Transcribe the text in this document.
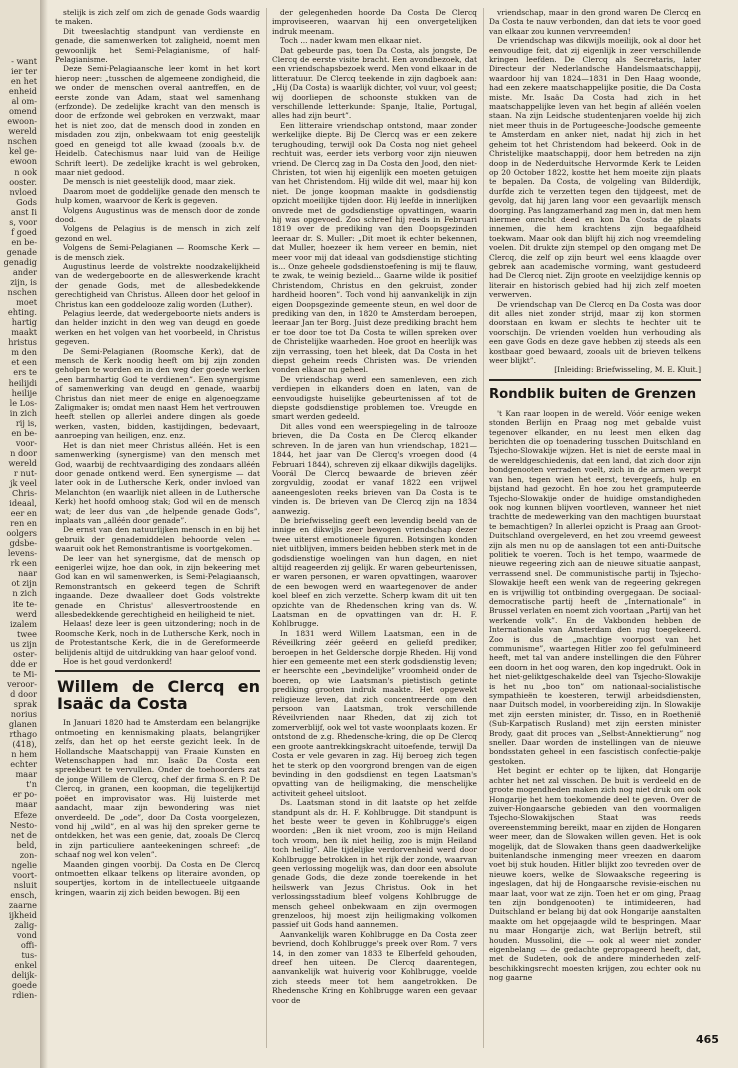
- want
ier ter
en het
enheid
al om-
omend
ewoon-
wereld
nschen
kel ge-
ewoon
n ook
ooster.
nvloed
Gods
anst Ii
s, voor
f goed
en be-
genade
genadig
ander
zijn, is
nschen
moet
ehting.
hartig
maakt
hristus
m den
et een
ers te
heilijdi
heilije
le Los-
in zich
rij is,
en be-
voor-
n door
wereld
r nut-
jk veel
Chris-
ideaal,
eer en
ren en
oolgers
gdsbe-
levens-
rk een
naar
ot zijn
n zich
ite te-
werd
izalem
twee
us zijn
oster-
dde er
te Mi-
veroor-
d door
sprak
norius
glanen
rthago
(418),
n hem
echter
maar
t'n
er po-
maar
Efeze
Nesto-
net de
beld,
zon-
ngelie
voort-
nsluit
ensch,
zaarne
ijkheid
zalig-
vond
offi-
tus-
enkel
delijk-
goede
rdien-

stelijk is zich zelf om zich de genade Gods waardig te maken.

Dit tweeslachtig standpunt van verdienste en genade, die samenwerken tot zaligheid, noemt men gewoonlijk het Semi-Pelagianisme, of half-Pelagianisme.

Deze Semi-Pelagiaansche leer komt in het kort hierop neer: „tusschen de algemeene zondigheid, die we onder de menschen overal aantreffen, en de eerste zonde van Adam, staat wel samenhang (erfzonde). De zedelijke kracht van den mensch is door de erfzonde wel gebroken en verzwakt, maar het is niet zoo, dat de mensch dood in zonden en misdaden zou zijn, onbekwaam tot enig geestelijk goed en geneigd tot alle kwaad (zooals b.v. de Heidelb. Catechismus naar luid van de Heilige Schrift leert). De zedelijke kracht is wel gebroken, maar niet gedood.

De mensch is niet geestelijk dood, maar ziek.

Daarom moet de goddelijke genade den mensch te hulp komen, waarvoor de Kerk is gegeven.

Volgens Augustinus was de mensch door de zonde dood.

Volgens de Pelagius is de mensch in zich zelf gezond en wel.

Volgens de Semi-Pelagianen — Roomsche Kerk — is de mensch ziek.

Augustinus leerde de volstrekte noodzakelijkheid van de wedergeboorte en de alleswerkende kracht der genade Gods, met de allesbedekkende gerechtigheid van Christus. Alleen door het geloof in Christus kan een goddelooze zalig worden (Luther).

Pelagius leerde, dat wedergeboorte niets anders is dan helder inzicht in den weg van deugd en goede werken en het volgen van het voorbeeld, in Christus gegeven.

De Semi-Pelagianen (Roomsche Kerk), dat de mensch de Kerk noodig heeft om bij zijn zonden geholpen te worden en in den weg der goede werken „een barmhartig God te verdienen”. Een synergisme of samenwerking van deugd en genade, waarbij Christus dan niet meer de enige en algenoegzame Zaligmaker is; omdat men naast Hem het vertrouwen heeft stellen op allerlei andere dingen als goede werken, vasten, bidden, kastijdingen, bedevaart, aanroeping van heiligen, enz. enz.

Het is dan niet meer Christus alléén. Het is een samenwerking (synergisme) van den mensch met God, waarbij de rechtvaardiging des zondaars alléén door genade ontkend werd. Een synergisme — dat later ook in de Luthersche Kerk, onder invloed van Melanchton (en waarlijk niet alleen in de Luthersche Kerk) het hoofd omhoog stak; God wil en de mensch wat; de leer dus van „de helpende genade Gods”, inplaats van „alléén door genade”.

De ernst van den natuurlijken mensch in en bij het gebruik der genademiddelen behoorde velen — waaruit ook het Remonstrantisme is voortgekomen.

De leer van het synergisme, dat de mensch op eenigerlei wijze, hoe dan ook, in zijn bekeering met God kan en wil samenwerken, is Semi-Pelagiaansch, Remonstrantsch en gekeerd tegen de Schrift ingaande. Deze dwaalleer doet Gods volstrekte genade en Christus' allesvertroostende en allesbedekkende gerechtigheid en heiligheid te niet.

Helaas! deze leer is geen uitzondering; noch in de Roomsche Kerk, noch in de Luthersche Kerk, noch in de Protestantsche Kerk, die in de Gereformeerde belijdenis altijd de uitdrukking van haar geloof vond.

Hoe is het goud verdonkerd!

Willem de Clercq en Isaäc da Costa

In Januari 1820 had te Amsterdam een belangrijke ontmoeting en kennismaking plaats, belangrijker zelfs, dan het op het eerste gezicht leek. In de Hollandsche Maatschappij van Fraaie Kunsten en Wetenschappen had mr. Isaäc Da Costa een spreekbeurt te vervullen. Onder de toehoorders zat de jonge Willem de Clercq, chef der firma S. en P. De Clercq, in granen, een koopman, die tegelijkertijd poëet en improvisator was. Hij luisterde met aandacht, maar zijn bewondering was niet onverdeeld. De „ode”, door Da Costa voorgelezen, vond hij „wild”, en al was hij den spreker gerne te ontdekken, het was een genie, dat, zooals De Clercq in zijn particuliere aanteekeningen schreef: „de schaaf nog wel kon velen”.

Maanden gingen voorbij. Da Costa en De Clercq ontmoetten elkaar telkens op literaire avonden, op soupertjes, kortom in de intellectueele uitgaande kringen, waarin zij zich beiden bewogen. Bij een

der gelegenheden hoorde Da Costa De Clercq improviseeren, waarvan hij een onvergetelijken indruk meenam.

Toch ... nader kwam men elkaar niet.

Dat gebeurde pas, toen Da Costa, als jongste, De Clercq de eerste visite bracht. Een avondbezoek, dat een vriendschapsbezoek werd. Men vond elkaar in de litteratuur. De Clercq teekende in zijn dagboek aan: „Hij (Da Costa) is waarlijk dichter, vol vuur, vol geest; wij doorliepen de schoonste stukken van de verschillende letterkunde: Spanje, Italie, Portugal, alles had zijn beurt”.

Een litteraire vriendschap ontstond, maar zonder werkelijke diepte. Bij De Clercq was er een zekere terughouding, terwijl ook Da Costa nog niet geheel rechtuit was, eerder iets verborg voor zijn nieuwen vriend. De Clercq zag in Da Costa den Jood, den niet-Christen, tot wien hij eigenlijk een moeten getuigen van het Christendom. Hij wilde dit wel, maar hij kon niet. De jonge koopman maakte in godsdienstig opzicht moeilijke tijden door. Hij leefde in innerlijken onvrede met de godsdienstige opvattingen, waarin hij was opgevoed. Zoo schreef hij reeds in Februari 1819 over de prediking van den Doopsgezinden leeraar dr. S. Muller: „Dit moet ik echter bekennen, dat Muller, hoezeer ik hem vereer en bemin, niet meer voor mij dat ideaal van godsdienstige stichting is... Onze geheele godsdienstoefening is mij te flauw, te zwak, te weinig bezield... Gaarne wilde ik positief Christendom, Christus en den gekruist, zonder hardheid hooren”. Toch vond hij aanvankelijk in zijn eigen Doopsgezinde gemeente steun, en wel door de prediking van den, in 1820 te Amsterdam beroepen, leeraar Jan ter Borg. Juist deze prediking bracht hem er toe door toe tot Da Costa te willen spreken over de Christelijke waarheden. Hoe groot en heerlijk was zijn verrassing, toen het bleek, dat Da Costa in het diepst geheim reeds Christen was. De vrienden vonden elkaar nu geheel.

De vriendschap werd een samenleven, een zich verdiepen in elkanders doen en laten, van de eenvoudigste huiselijke gebeurtenissen af tot de diepste godsdienstige problemen toe. Vreugde en smart werden gedeeld.

Dit alles vond een weerspiegeling in de talrooze brieven, die Da Costa en De Clercq elkander schreven. In de jaren van hun vriendschap, 1821—1844, het jaar van De Clercq's vroegen dood (4 Februari 1844), schreven zij elkaar dikwijls dagelijks. Voorál De Clercq bewaarde de brieven zéér zorgvuldig, zoodat er vanaf 1822 een vrijwel aaneengesloten reeks brieven van Da Costa is te vinden is. De brieven van De Clercq zijn na 1834 aanwezig.

De briefwisseling geeft een levendig beeld van de innige en dikwijls zeer bewogen vriendschap dezer twee uiterst emotioneele figuren. Botsingen konden niet uitblijven, immers beiden hebben sterk met in de godsdienstige woelingen van hun dagen, en niet altijd reageerden zij gelijk. Er waren gebeurtenissen, er waren personen, er waren opvattingen, waarover de een bewogen werd en waartegenover de ander koel bleef en zich verzette. Scherp kwam dit uit ten opzichte van de Rhedenschen kring van ds. W. Laatsman en de opvattingen van dr. H. F. Kohlbrugge.

In 1831 werd Willem Laatsman, een in de Réveilkring zéér geëerd en geliefd prediker, beroepen in het Geldersche dorpje Rheden. Hij vond hier een gemeente met een sterk godsdienstig leven; er heerschte een „bevindelijke” vroomheid onder de boeren, op wie Laatsman's pietistisch getinte prediking grooten indruk maakte. Het opgewekt religieuze leven, dat zich concentreerde om den persoon van Laatsman, trok verschillende Réveilvrienden naar Rheden, dat zij zich tot zomerverblijf, ook wel tot vaste woonplaats kozen. Er ontstond de z.g. Rhedensche-kring, die op De Clercq een groote aantrekkingskracht uitoefende, terwijl Da Costa er vele gevaren in zag. Hij beroeg zich tegen het te sterk op den voorgrond brengen van de eigen bevinding in den godsdienst en tegen Laatsman's opvatting van de heiligmaking, die menschelijke activiteit geheel uitsloot.

Ds. Laatsman stond in dit laatste op het zelfde standpunt als dr. H. F. Kohlbrugge. Dit standpunt is het beste weer te geven in Kohlbrugge's eigen woorden: „Ben ik niet vroom, zoo is mijn Heiland toch vroom, ben ik niet heilig, zoo is mijn Heiland toch heilig”. Alle tijdelijke verdorvenheid werd door Kohlbrugge betrokken in het rijk der zonde, waarvan geen verlossing mogelijk was, dan door een absolute genade Gods, die deze zonde toerekende in het heilswerk van Jezus Christus. Ook in het verlossingsstadium bleef volgens Kohlbrugge de mensch geheel onbekwaam en zijn overmogen grenzeloos, hij moest zijn heiligmaking volkomen passief uit Gods hand aannemen.

Aanvankelijk waren Kohlbrugge en Da Costa zeer bevriend, doch Kohlbrugge's preek over Rom. 7 vers 14, in den zomer van 1833 te Elberfeld gehouden, dreef hen uiteen. De Clercq daarentegen, aanvankelijk wat huiverig voor Kohlbrugge, voelde zich steeds meer tot hem aangetrokken. De Rhedensche Kring en Kohlbrugge waren een gevaar voor de

vriendschap, maar in den grond waren De Clercq en Da Costa te nauw verbonden, dan dat iets te voor goed van elkaar zou kunnen vervreemden!

De vriendschap was dikwijls moeilijk, ook al door het eenvoudige feit, dat zij eigenlijk in zeer verschillende kringen leefden. De Clercq als Secretaris, later Directeur der Nederlandsche Handelsmaatschappij, waardoor hij van 1824—1831 in Den Haag woonde, had een zekere maatschappelijke positie, die Da Costa miste. Mr. Isaäc Da Costa had zich in het maatschappelijke leven van het begin af alléén voelen staan. Na zijn Leidsche studentenjaren voelde hij zich niet meer thuis in de Portugeesche-Joodsche gemeente te Amsterdam en anker niet, nadat hij zich in het geheim tot het Christendom had bekeerd. Ook in de Christelijke maatschappij, door hem betreden na zijn doop in de Nederduitsche Hervormde Kerk te Leiden op 20 October 1822, kostte het hem moeite zijn plaats te bepalen. Da Costa, de volgeling van Bilderdijk, durfde zich te verzetten tegen den tijdgeest, met de gevolg, dat hij jaren lang voor een gevaarlijk mensch doorging. Pas langzamerhand zag men in, dat men hem hiermee onrecht deed en kon Da Costa de plaats innemen, die hem krachtens zijn begaafdheid toekwam. Maar ook dan blijft hij zich nog vreemdeling voelen. Dit drukte zijn stempel op den omgang met De Clercq, die zelf op zijn beurt wel eens klaagde over gebrek aan academische vorming, want gestudeerd had De Clercq niet. Zijn groote en veelzijdige kennis op literair en historisch gebied had hij zich zelf moeten verwerven.

De vriendschap van De Clercq en Da Costa was door dit alles niet zonder strijd, maar zij kon stormen doorstaan en kwam er slechts te hechter uit te voorschijn. De vrienden voelden hun verhouding als een gave Gods en deze gave hebben zij steeds als een kostbaar goed bewaard, zooals uit de brieven telkens weer blijkt”.

[Inleiding: Briefwisseling, M. E. Kluit.]

Rondblik buiten de Grenzen

't Kan raar loopen in de wereld. Vóór eenige weken stonden Berlijn en Praag nog met gebalde vuist tegenover elkander, en nu leest men elken dag berichten die op toenadering tusschen Duitschland en Tsjecho-Slowakije wijzen. Het is niet de eerste maal in de wereldgeschiedenis, dat een land, dat zich door zijn bondgenooten verraden voelt, zich in de armen werpt van hen, tegen wien het eerst, tevergeefs, hulp en bijstand had gezocht. En hoe zou het gramputeerde Tsjecho-Slowakije onder de huidige omstandigheden ook nog kunnen blijven voortleven, wanneer het niet trachtte de medewerking van den machtigen buurstaat te bemachtigen? In allerlei opzicht is Praag aan Groot-Duitschland overgeleverd, en het zou vreemd geweest zijn als men nu op de aanslagen tot een anti-Duitsche politiek te voeren. Toch is het tempo, waarmede de nieuwe regeering zich aan de nieuwe situatie aanpast, verrassend snel. De communistische partij in Tsjecho-Slowakije heeft een wenk van de regeering gekregen en is vrijwillig tot ontbinding overgegaan. De sociaal-democratische partij heeft de „Internationale” in Brussel verlaten en noemt zich voortaan „Partij van het werkende volk”. En de Vakbonden hebben de Internationale van Amsterdam den rug toegekeerd. Zoo is dus de „machtige voorpost van het communisme”, waartegen Hitler zoo fel gefulmineerd heeft, met tal van andere instellingen die den Führer een doorn in het oog waren, den kop ingedrukt. Ook in het niet-geliktgeschakelde deel van Tsjecho-Slowakije is het nu „boo ton” om nationaal-socialistische sympathieën te koesteren, terwijl arbeidsdiensten, naar Duitsch model, in voorbereiding zijn. In Slowakije met zijn eersten minister, dr. Tisso, en in Roethenië (Sub-Karpatisch Rusland) met zijn eersten minister Brody, gaat dit proces van „Selbst-Annektierung” nog sneller. Daar worden de instellingen van de nieuwe bondsstaten geheel in een fascistisch confectie-pakje gestoken.

Het begint er echter op te lijken, dat Hongarije achter het net zal visschen. De buit is verdeeld en de groote mogendheden maken zich nog niet druk om ook Hongarije het hem toekomende deel te geven. Over de zuiver-Hongaarsche gebieden van den voormaligen Tsjecho-Slowakijschen Staat was reeds overeenstemming bereikt, maar en zijden de Hongaren weer meer, dan de Slowaken willen geven. Het is ook mogelijk, dat de Slowaken thans geen daadwerkelijke buitenlandsche inmenging meer vreezen en daarom voet bij stuk houden. Hitler blijkt zoo tevreden over de nieuwe koers, welke de Slowaaksche regeering is ingeslagen, dat hij de Hongaarsche revisie-eischen nu maar laat, voor wat ze zijn. Toen het er om ging, Praag ten zijn bondgenooten) te intimideeren, had Duitschland er belang bij dat ook Hongarije aanstalten maakte om het opgejaagde wild te bespringen. Maar nu maar Hongarije zich, wat Berlijn betreft, stil houden. Mussolini, die — ook al weer niet zonder eigenbelang — de gedachte gepropageerd heeft, dat, met de Sudeten, ook de andere minderheden zelf-beschikkingsrecht moesten krijgen, zou echter ook nu nog gaarne

465
